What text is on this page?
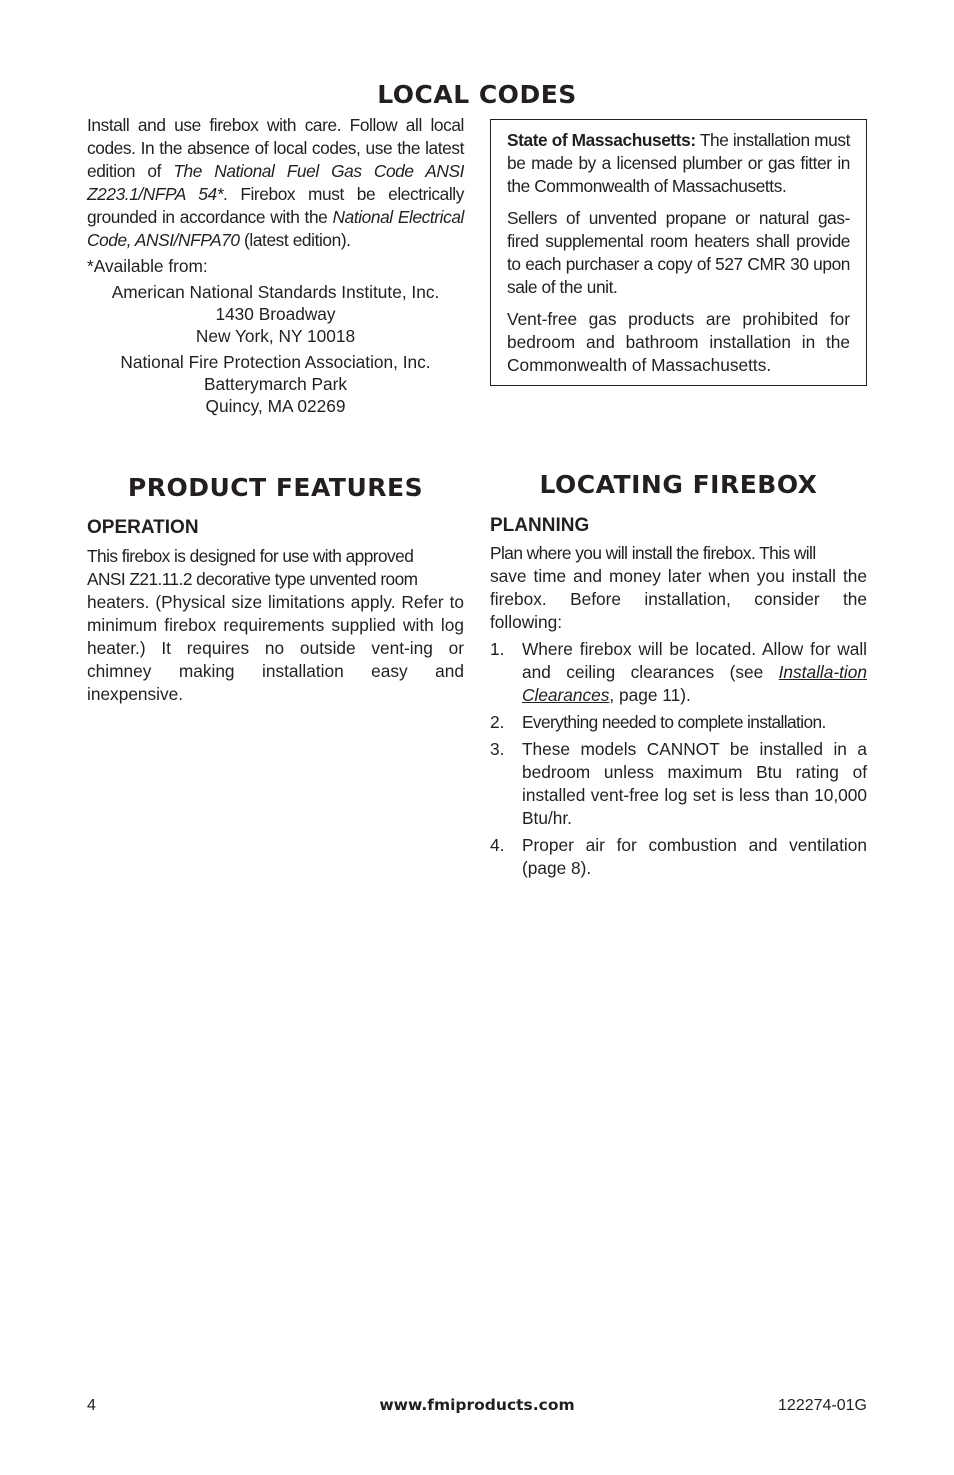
LOCAL CODES

Install and use firebox with care. Follow all local codes. In the absence of local codes, use the latest edition of The National Fuel Gas Code ANSI Z223.1/NFPA 54*. Firebox must be electrically grounded in accordance with the National Electrical Code, ANSI/NFPA70 (latest edition).

*Available from:

American National Standards Institute, Inc.
1430 Broadway
New York, NY 10018
National Fire Protection Association, Inc.
Batterymarch Park
Quincy, MA 02269

State of Massachusetts: The installation must be made by a licensed plumber or gas fitter in the Commonwealth of Massachusetts.

Sellers of unvented propane or natural gas-fired supplemental room heaters shall provide to each purchaser a copy of 527 CMR 30 upon sale of the unit.

Vent-free gas products are prohibited for bedroom and bathroom installation in the Commonwealth of Massachusetts.

PRODUCT FEATURES
OPERATION

This firebox is designed for use with approved

ANSI Z21.11.2 decorative type unvented room

heaters. (Physical size limitations apply. Refer to minimum firebox requirements supplied with log heater.) It requires no outside vent-ing or chimney making installation easy and inexpensive.

LOCATING FIREBOX
PLANNING

Plan where you will install the firebox. This will

save time and money later when you install the firebox. Before installation, consider the following:

1. Where firebox will be located. Allow for wall and ceiling clearances (see Installa-tion Clearances, page 11).
2. Everything needed to complete installation.
3. These models CANNOT be installed in a bedroom unless maximum Btu rating of installed vent-free log set is less than 10,000 Btu/hr.
4. Proper air for combustion and ventilation (page 8).
4	www.fmiproducts.com	122274-01G
